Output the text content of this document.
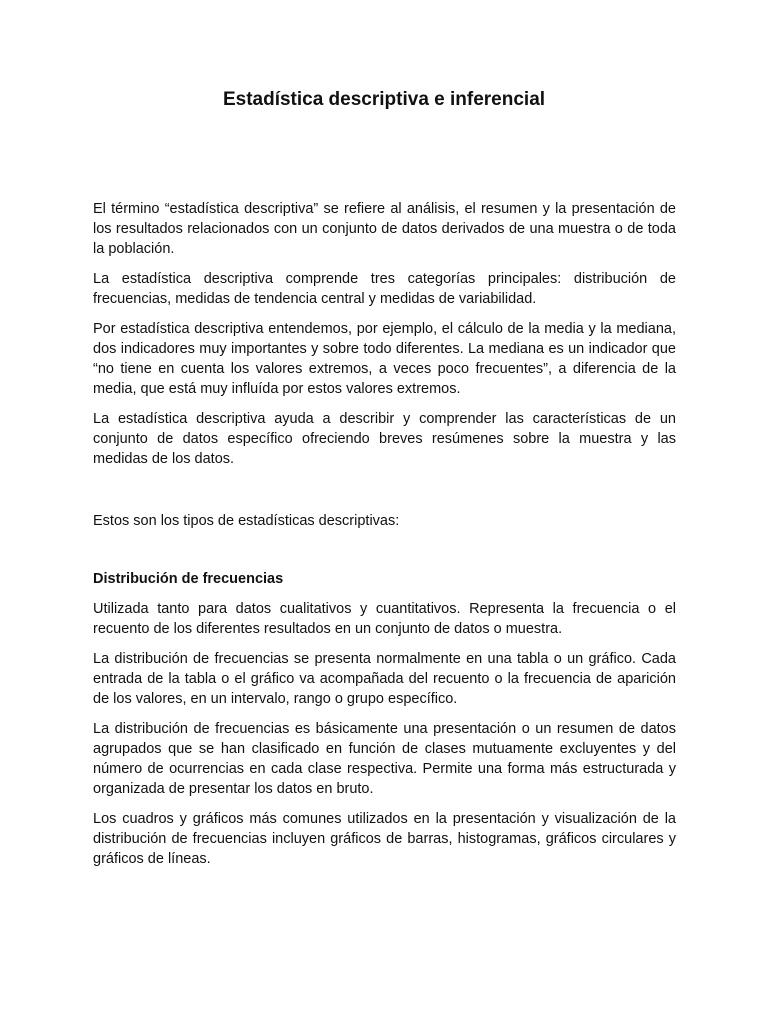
Estadística descriptiva e inferencial

El término “estadística descriptiva” se refiere al análisis, el resumen y la presentación de los resultados relacionados con un conjunto de datos derivados de una muestra o de toda la población.

La estadística descriptiva comprende tres categorías principales: distribución de frecuencias, medidas de tendencia central y medidas de variabilidad.

Por estadística descriptiva entendemos, por ejemplo, el cálculo de la media y la mediana, dos indicadores muy importantes y sobre todo diferentes. La mediana es un indicador que “no tiene en cuenta los valores extremos, a veces poco frecuentes”, a diferencia de la media, que está muy influída por estos valores extremos.

La estadística descriptiva ayuda a describir y comprender las características de un conjunto de datos específico ofreciendo breves resúmenes sobre la muestra y las medidas de los datos.

Estos son los tipos de estadísticas descriptivas:

Distribución de frecuencias

Utilizada tanto para datos cualitativos y cuantitativos. Representa la frecuencia o el recuento de los diferentes resultados en un conjunto de datos o muestra.

La distribución de frecuencias se presenta normalmente en una tabla o un gráfico. Cada entrada de la tabla o el gráfico va acompañada del recuento o la frecuencia de aparición de los valores, en un intervalo, rango o grupo específico.

La distribución de frecuencias es básicamente una presentación o un resumen de datos agrupados que se han clasificado en función de clases mutuamente excluyentes y del número de ocurrencias en cada clase respectiva. Permite una forma más estructurada y organizada de presentar los datos en bruto.

Los cuadros y gráficos más comunes utilizados en la presentación y visualización de la distribución de frecuencias incluyen gráficos de barras, histogramas, gráficos circulares y gráficos de líneas.
